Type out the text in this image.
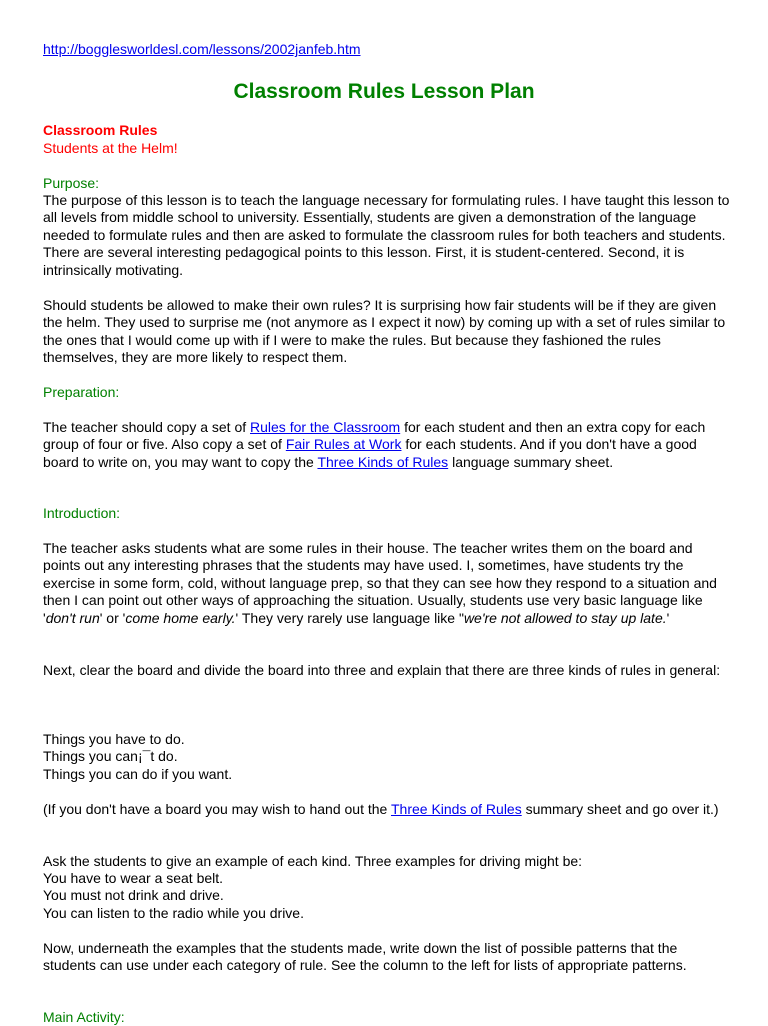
http://bogglesworldesl.com/lessons/2002janfeb.htm
Classroom Rules Lesson Plan
Classroom Rules
Students at the Helm!
Purpose:

The purpose of this lesson is to teach the language necessary for formulating rules. I have taught this lesson to all levels from middle school to university. Essentially, students are given a demonstration of the language needed to formulate rules and then are asked to formulate the classroom rules for both teachers and students. There are several interesting pedagogical points to this lesson. First, it is student-centered. Second, it is intrinsically motivating.

Should students be allowed to make their own rules? It is surprising how fair students will be if they are given the helm. They used to surprise me (not anymore as I expect it now) by coming up with a set of rules similar to the ones that I would come up with if I were to make the rules. But because they fashioned the rules themselves, they are more likely to respect them.

Preparation:

The teacher should copy a set of Rules for the Classroom for each student and then an extra copy for each group of four or five. Also copy a set of Fair Rules at Work for each students. And if you don't have a good board to write on, you may want to copy the Three Kinds of Rules language summary sheet.

Introduction:

The teacher asks students what are some rules in their house. The teacher writes them on the board and points out any interesting phrases that the students may have used. I, sometimes, have students try the exercise in some form, cold, without language prep, so that they can see how they respond to a situation and then I can point out other ways of approaching the situation. Usually, students use very basic language like 'don't run' or 'come home early.' They very rarely use language like "we're not allowed to stay up late.'

Next, clear the board and divide the board into three and explain that there are three kinds of rules in general:

Things you have to do.
Things you can¡¯t do.
Things you can do if you want.

(If you don't have a board you may wish to hand out the Three Kinds of Rules summary sheet and go over it.)

Ask the students to give an example of each kind. Three examples for driving might be:

You have to wear a seat belt.
You must not drink and drive.
You can listen to the radio while you drive.

Now, underneath the examples that the students made, write down the list of possible patterns that the students can use under each category of rule. See the column to the left for lists of appropriate patterns.

Main Activity:
